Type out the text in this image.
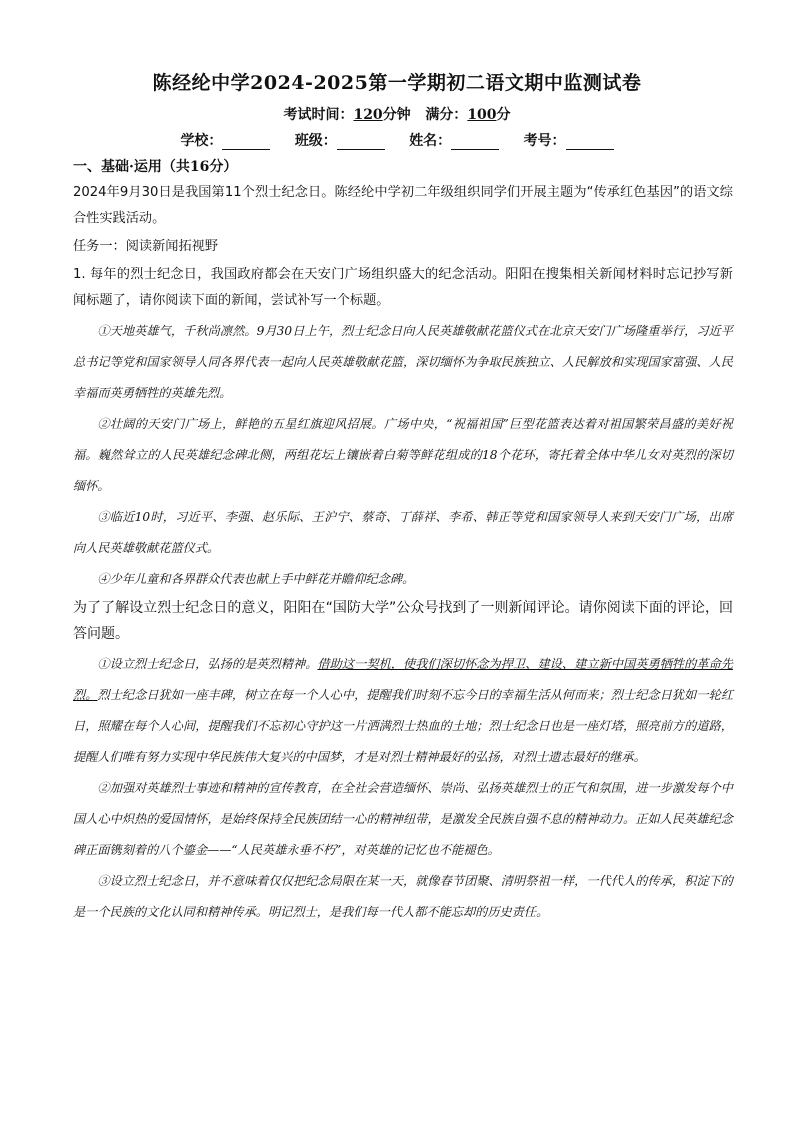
陈经纶中学2024-2025第一学期初二语文期中监测试卷
考试时间：120分钟 满分：100分
学校：	班级：	姓名：	考号：
一、基础·运用（共16分）

2024年9月30日是我国第11个烈士纪念日。陈经纶中学初二年级组织同学们开展主题为“传承红色基因”的语文综合性实践活动。

任务一：阅读新闻拓视野

1. 每年的烈士纪念日，我国政府都会在天安门广场组织盛大的纪念活动。阳阳在搜集相关新闻材料时忘记抄写新闻标题了，请你阅读下面的新闻，尝试补写一个标题。

①天地英雄气，千秋尚凛然。9月30日上午，烈士纪念日向人民英雄敬献花篮仪式在北京天安门广场隆重举行，习近平总书记等党和国家领导人同各界代表一起向人民英雄敬献花篮，深切缅怀为争取民族独立、人民解放和实现国家富强、人民幸福而英勇牺牲的英雄先烈。

②壮阔的天安门广场上，鲜艳的五星红旗迎风招展。广场中央，“祝福祖国”巨型花篮表达着对祖国繁荣昌盛的美好祝福。巍然耸立的人民英雄纪念碑北侧，两组花坛上镶嵌着白菊等鲜花组成的18个花环，寄托着全体中华儿女对英烈的深切缅怀。

③临近10时，习近平、李强、赵乐际、王沪宁、蔡奇、丁薛祥、李希、韩正等党和国家领导人来到天安门广场，出席向人民英雄敬献花篮仪式。

④少年儿童和各界群众代表也献上手中鲜花并瞻仰纪念碑。

为了了解设立烈士纪念日的意义，阳阳在“国防大学”公众号找到了一则新闻评论。请你阅读下面的评论，回答问题。

①设立烈士纪念日，弘扬的是英烈精神。借助这一契机，使我们深切怀念为捍卫、建设、建立新中国英勇牺牲的革命先烈。烈士纪念日犹如一座丰碑，树立在每一个人心中，提醒我们时刻不忘今日的幸福生活从何而来；烈士纪念日犹如一轮红日，照耀在每个人心间，提醒我们不忘初心守护这一片洒满烈士热血的土地；烈士纪念日也是一座灯塔，照亮前方的道路，提醒人们唯有努力实现中华民族伟大复兴的中国梦，才是对烈士精神最好的弘扬，对烈士遗志最好的继承。

②加强对英雄烈士事迹和精神的宣传教育，在全社会营造缅怀、崇尚、弘扬英雄烈士的正气和氛围，进一步激发每个中国人心中炽热的爱国情怀，是始终保持全民族团结一心的精神纽带，是激发全民族自强不息的精神动力。正如人民英雄纪念碑正面镌刻着的八个鎏金——“人民英雄永垂不朽”，对英雄的记忆也不能褪色。

③设立烈士纪念日，并不意味着仅仅把纪念局限在某一天，就像春节团聚、清明祭祖一样，一代代人的传承，积淀下的是一个民族的文化认同和精神传承。明记烈士，是我们每一代人都不能忘却的历史责任。
